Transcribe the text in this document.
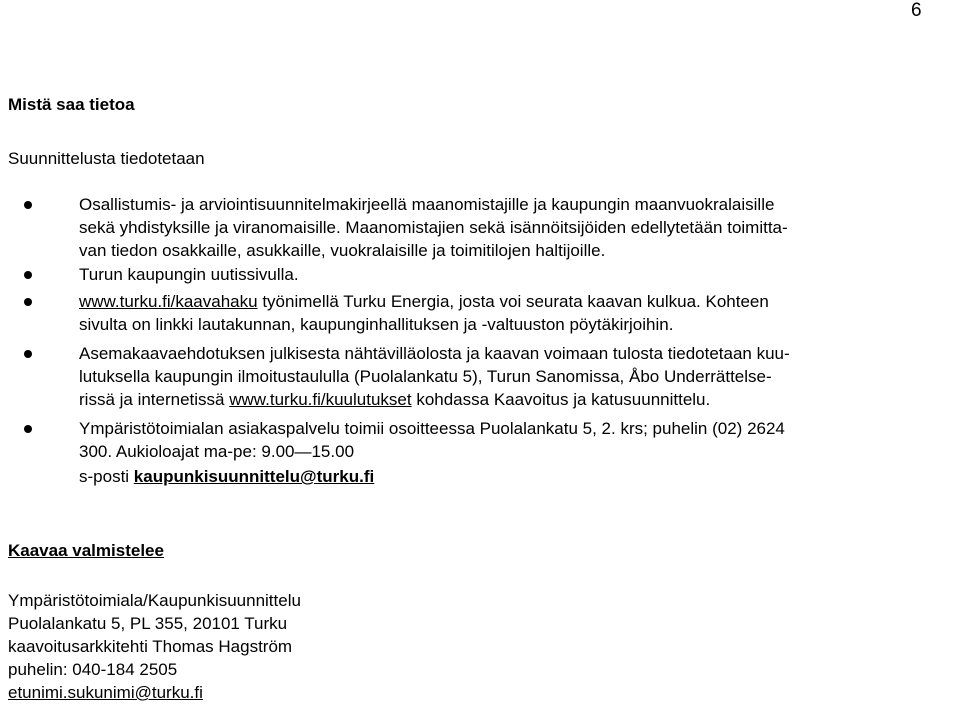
6
Mistä saa tietoa
Suunnittelusta tiedotetaan
Osallistumis- ja arviointisuunnitelmakirjeellä maanomistajille ja kaupungin maanvuokralaisille
sekä yhdistyksille ja viranomaisille. Maanomistajien sekä isännöitsijöiden edellytetään toimitta-
van tiedon osakkaille, asukkaille, vuokralaisille ja toimitilojen haltijoille.
Turun kaupungin uutissivulla.
www.turku.fi/kaavahaku työnimellä Turku Energia, josta voi seurata kaavan kulkua. Kohteen
sivulta on linkki lautakunnan, kaupunginhallituksen ja -valtuuston pöytäkirjoihin.
Asemakaavaehdotuksen julkisesta nähtävilläolosta ja kaavan voimaan tulosta tiedotetaan kuu-
lutuksella kaupungin ilmoitustaululla (Puolalankatu 5), Turun Sanomissa, Åbo Underrättelse-
rissä ja internetissä www.turku.fi/kuulutukset kohdassa Kaavoitus ja katusuunnittelu.
Ympäristötoimialan asiakaspalvelu toimii osoitteessa Puolalankatu 5, 2. krs; puhelin (02) 2624
300. Aukioloajat ma-pe: 9.00—15.00
s-posti kaupunkisuunnittelu@turku.fi
Kaavaa valmistelee
Ympäristötoimiala/Kaupunkisuunnittelu
Puolalankatu 5, PL 355, 20101 Turku
kaavoitusarkkitehti Thomas Hagström
puhelin: 040-184 2505
etunimi.sukunimi@turku.fi
